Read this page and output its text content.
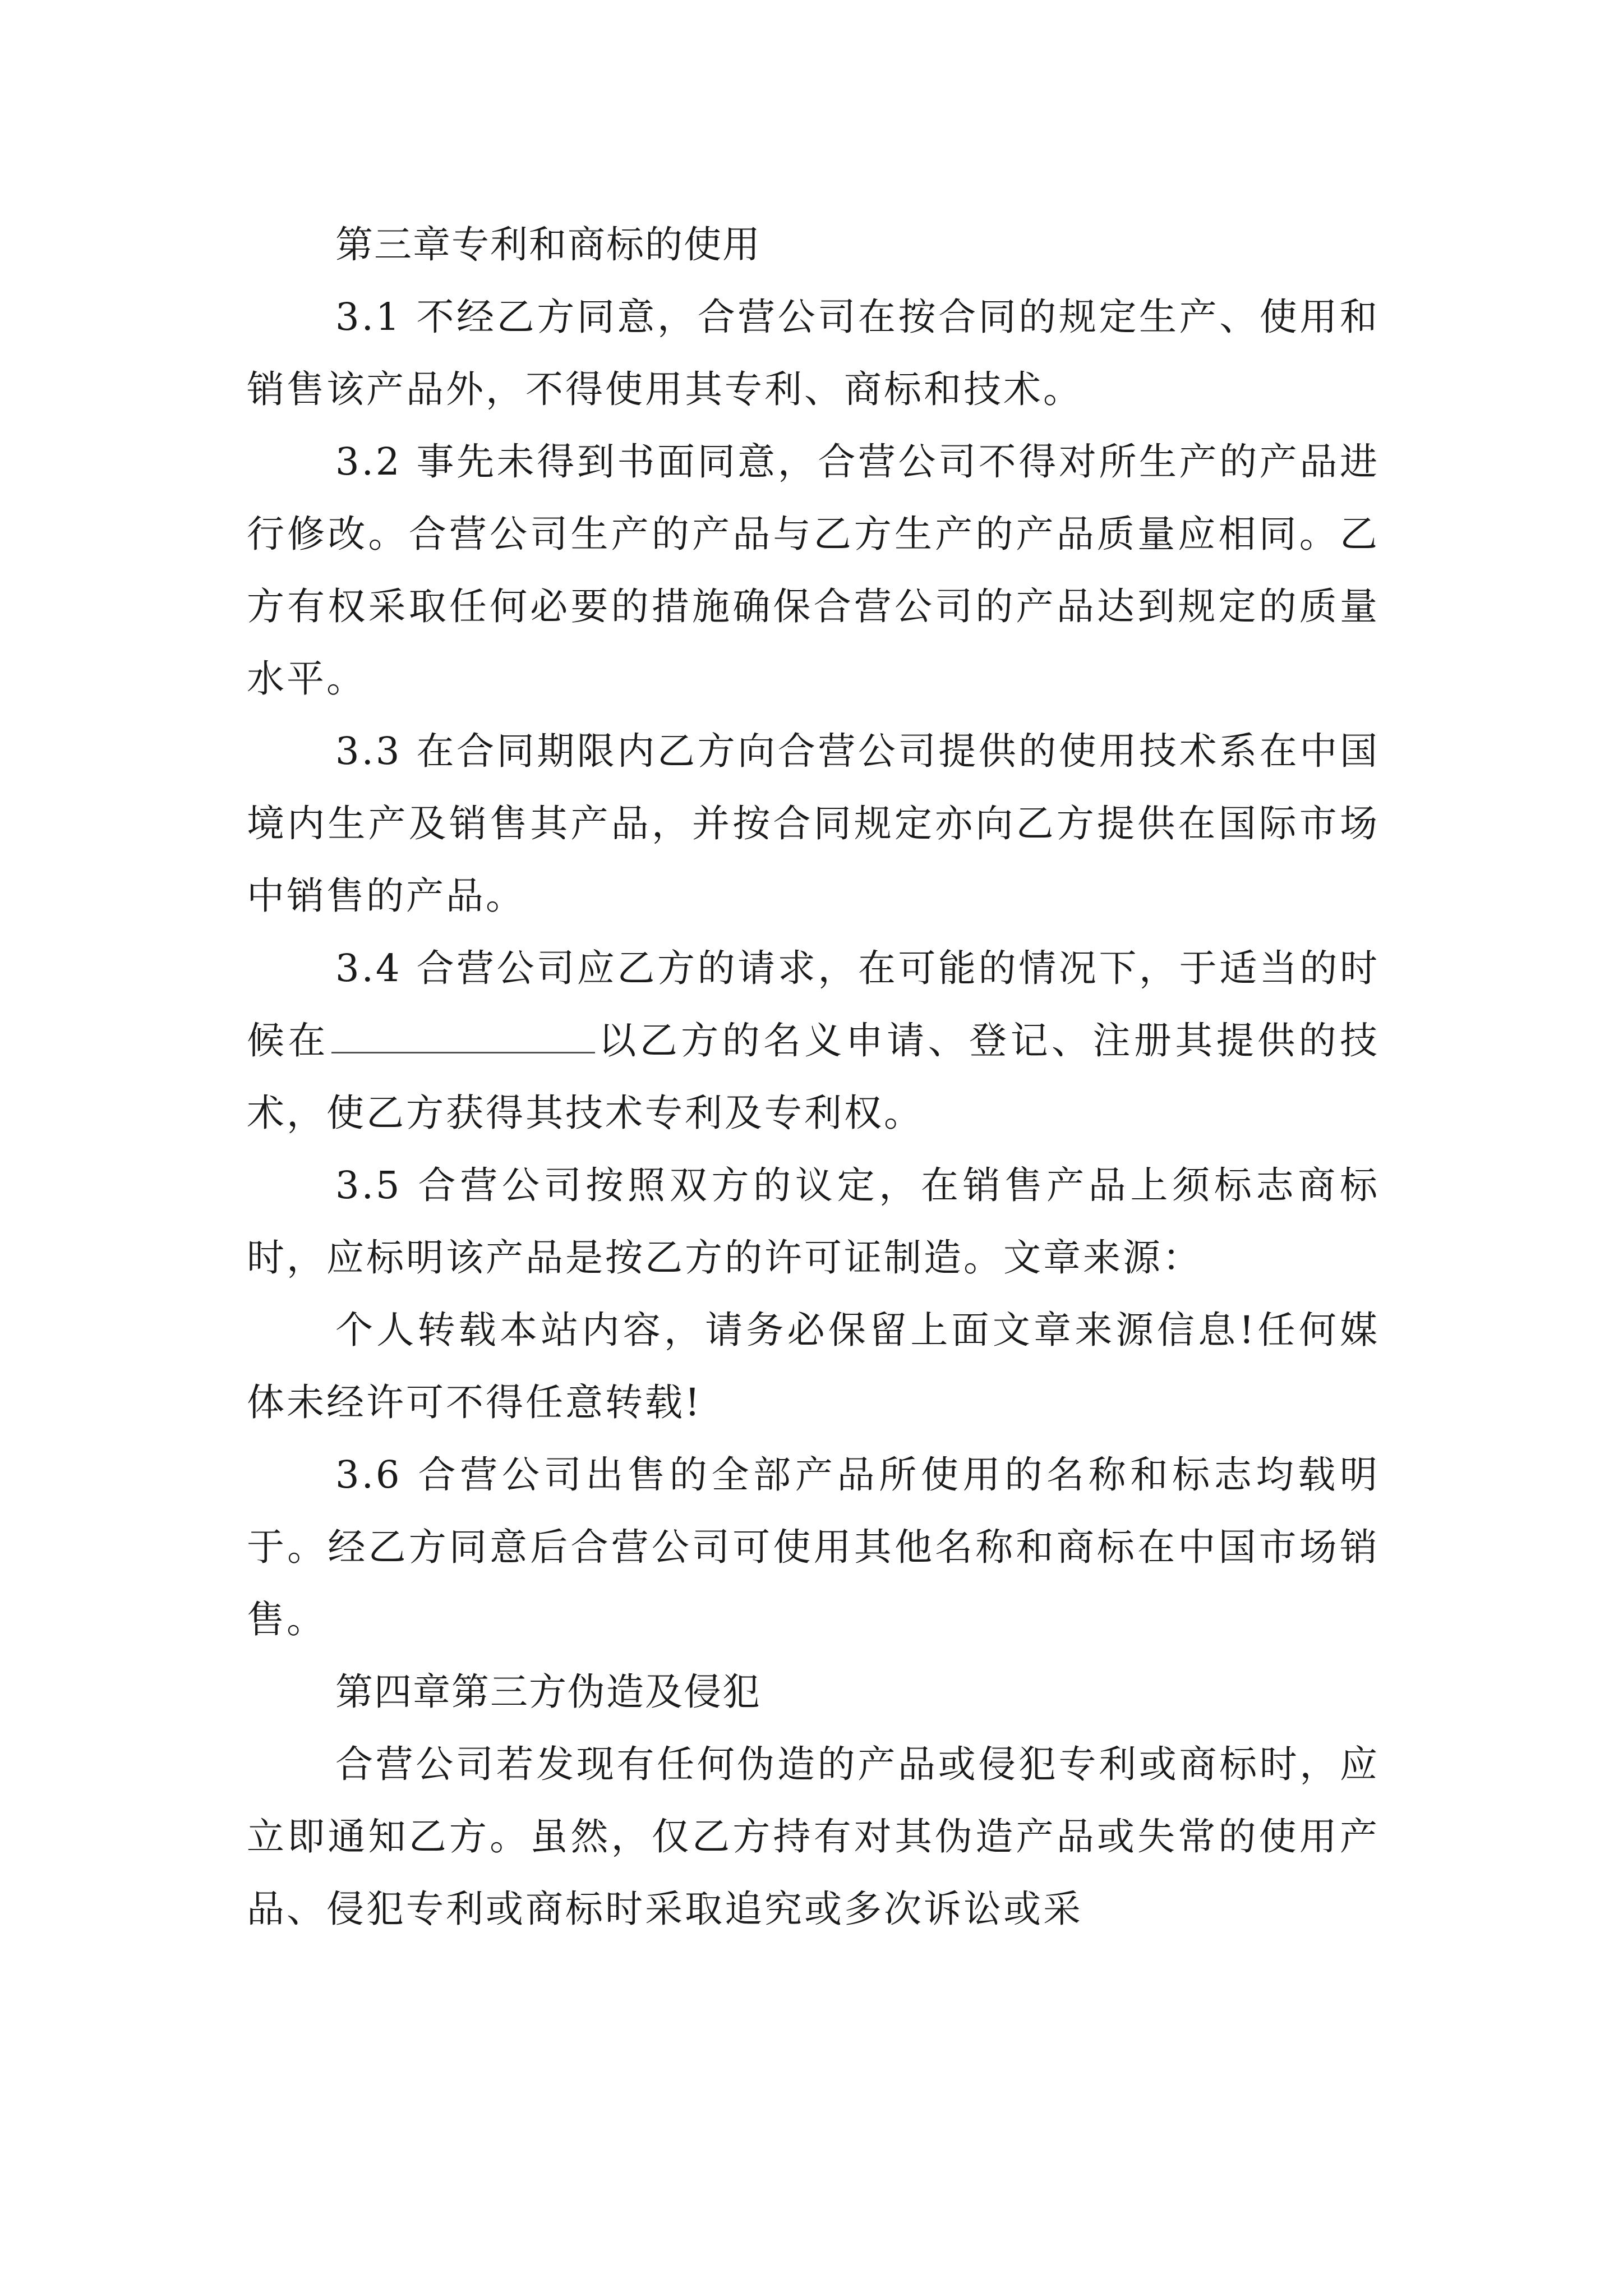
第三章专利和商标的使用

3.1 不经乙方同意，合营公司在按合同的规定生产、使用和销售该产品外，不得使用其专利、商标和技术。

3.2 事先未得到书面同意，合营公司不得对所生产的产品进行修改。合营公司生产的产品与乙方生产的产品质量应相同。乙方有权采取任何必要的措施确保合营公司的产品达到规定的质量水平。

3.3 在合同期限内乙方向合营公司提供的使用技术系在中国境内生产及销售其产品，并按合同规定亦向乙方提供在国际市场中销售的产品。

3.4 合营公司应乙方的请求，在可能的情况下，于适当的时候在	以乙方的名义申请、登记、注册其提供的技术，使乙方获得其技术专利及专利权。

3.5 合营公司按照双方的议定，在销售产品上须标志商标时，应标明该产品是按乙方的许可证制造。文章来源：

个人转载本站内容，请务必保留上面文章来源信息!任何媒体未经许可不得任意转载!

3.6 合营公司出售的全部产品所使用的名称和标志均载明于。经乙方同意后合营公司可使用其他名称和商标在中国市场销售。

第四章第三方伪造及侵犯

合营公司若发现有任何伪造的产品或侵犯专利或商标时，应立即通知乙方。虽然，仅乙方持有对其伪造产品或失常的使用产品、侵犯专利或商标时采取追究或多次诉讼或采
